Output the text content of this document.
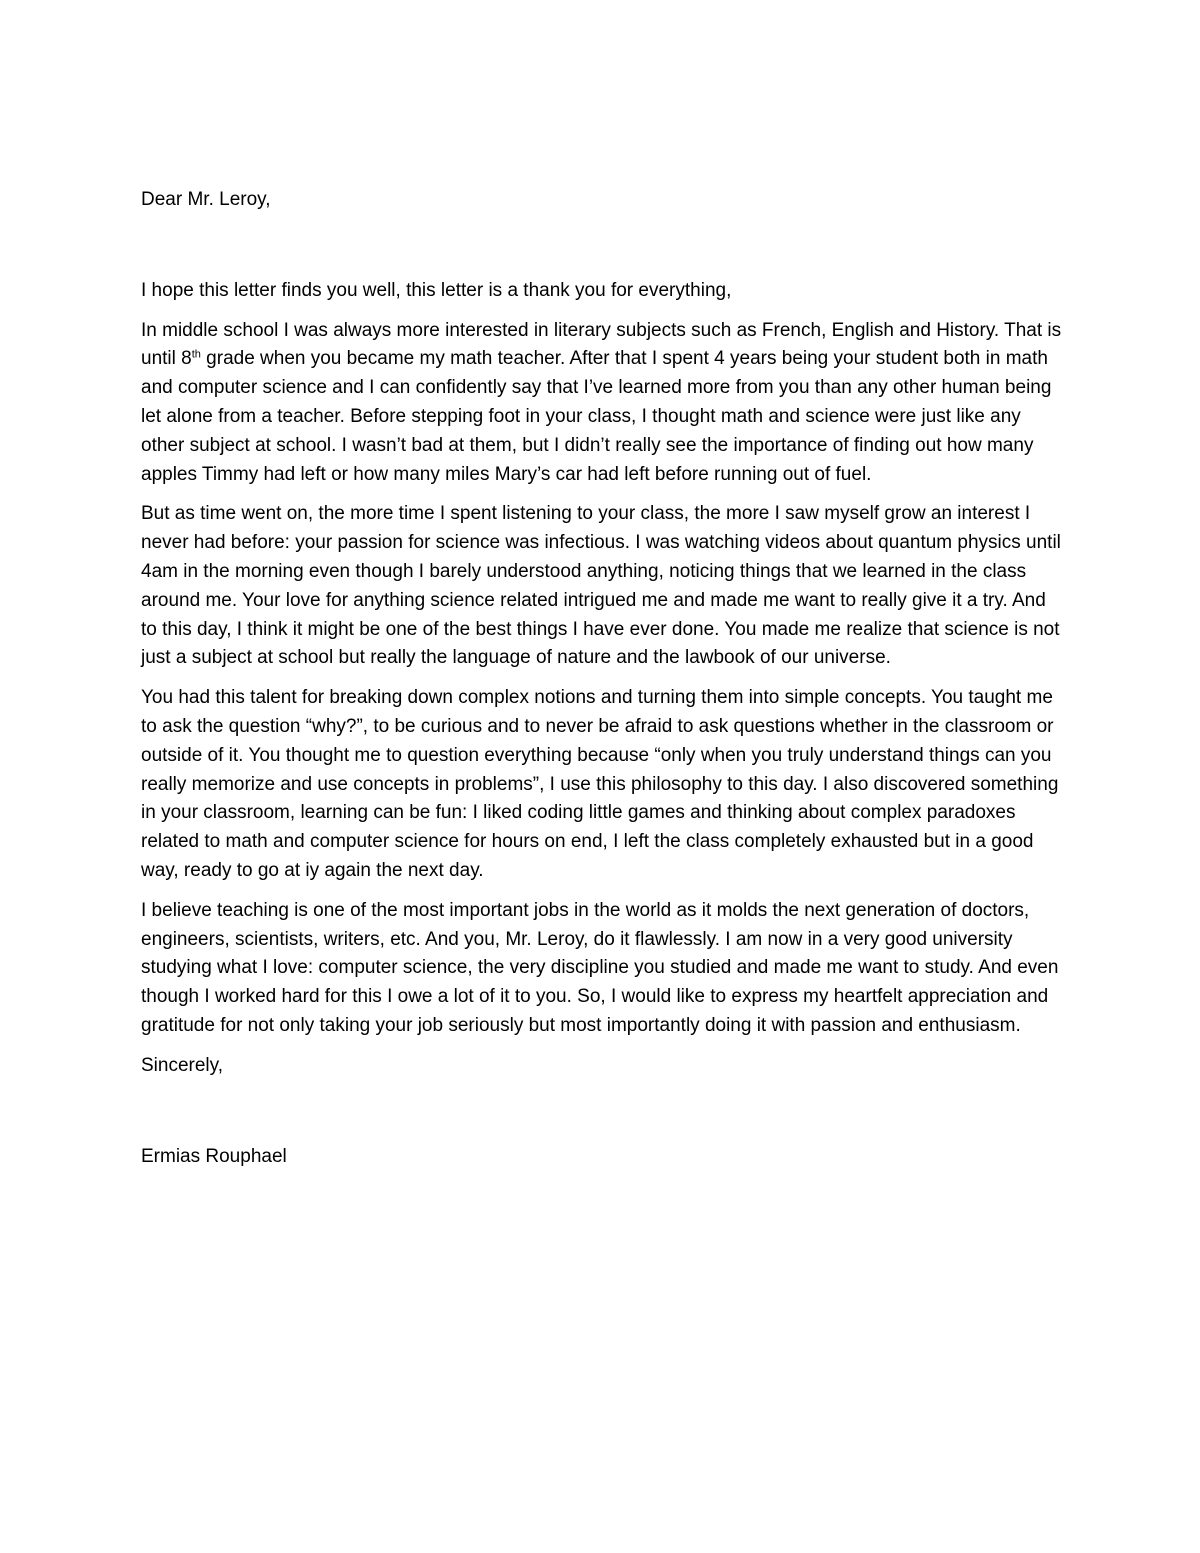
Dear Mr. Leroy,

I hope this letter finds you well, this letter is a thank you for everything,

In middle school I was always more interested in literary subjects such as French, English and History. That is until 8th grade when you became my math teacher. After that I spent 4 years being your student both in math and computer science and I can confidently say that I’ve learned more from you than any other human being let alone from a teacher. Before stepping foot in your class, I thought math and science were just like any other subject at school. I wasn’t bad at them, but I didn’t really see the importance of finding out how many apples Timmy had left or how many miles Mary’s car had left before running out of fuel.

But as time went on, the more time I spent listening to your class, the more I saw myself grow an interest I never had before: your passion for science was infectious. I was watching videos about quantum physics until 4am in the morning even though I barely understood anything, noticing things that we learned in the class around me. Your love for anything science related intrigued me and made me want to really give it a try. And to this day, I think it might be one of the best things I have ever done. You made me realize that science is not just a subject at school but really the language of nature and the lawbook of our universe.

You had this talent for breaking down complex notions and turning them into simple concepts. You taught me to ask the question “why?”, to be curious and to never be afraid to ask questions whether in the classroom or outside of it. You thought me to question everything because “only when you truly understand things can you really memorize and use concepts in problems”, I use this philosophy to this day. I also discovered something in your classroom, learning can be fun: I liked coding little games and thinking about complex paradoxes related to math and computer science for hours on end, I left the class completely exhausted but in a good way, ready to go at iy again the next day.

I believe teaching is one of the most important jobs in the world as it molds the next generation of doctors, engineers, scientists, writers, etc. And you, Mr. Leroy, do it flawlessly. I am now in a very good university studying what I love: computer science, the very discipline you studied and made me want to study. And even though I worked hard for this I owe a lot of it to you. So, I would like to express my heartfelt appreciation and gratitude for not only taking your job seriously but most importantly doing it with passion and enthusiasm.

Sincerely,

Ermias Rouphael
